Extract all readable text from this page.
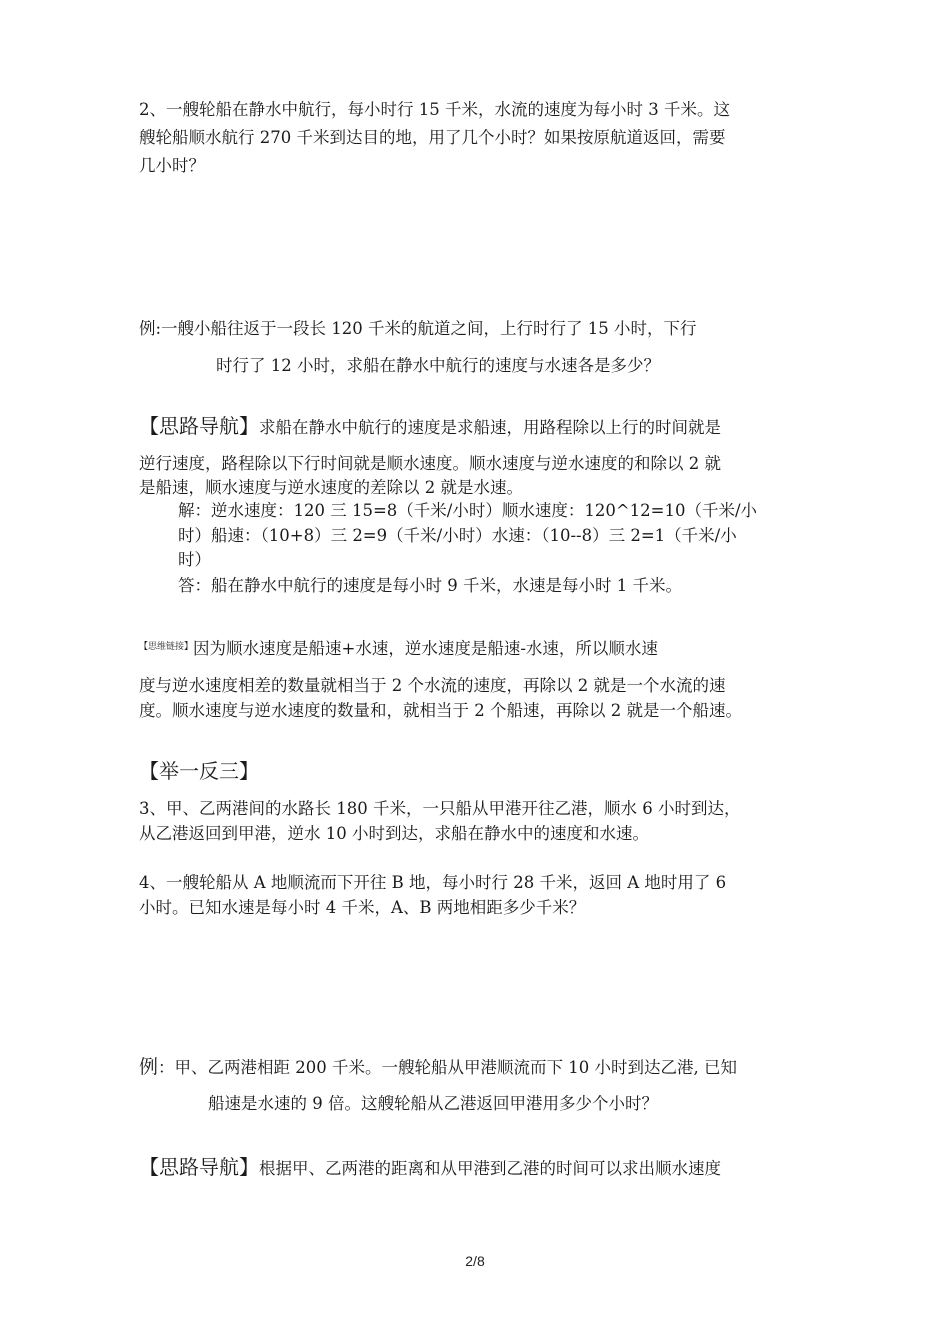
2、一艘轮船在静水中航行，每小时行 15 千米，水流的速度为每小时 3 千米。这
艘轮船顺水航行 270 千米到达目的地，用了几个小时？如果按原航道返回，需要
几小时？
例:一艘小船往返于一段长 120 千米的航道之间，上行时行了 15 小时，下行
时行了 12 小时，求船在静水中航行的速度与水速各是多少？
【思路导航】求船在静水中航行的速度是求船速，用路程除以上行的时间就是
逆行速度，路程除以下行时间就是顺水速度。顺水速度与逆水速度的和除以 2 就
是船速，顺水速度与逆水速度的差除以 2 就是水速。
解：逆水速度：120 三 15=8（千米/小时）顺水速度：120^12=10（千米/小
时）船速：（10+8）三 2=9（千米/小时）水速：（10--8）三 2=1（千米/小
时）
答：船在静水中航行的速度是每小时 9 千米，水速是每小时 1 千米。
$^{【思维链接】}$因为顺水速度是船速+水速，逆水速度是船速-水速，所以顺水速
度与逆水速度相差的数量就相当于 2 个水流的速度，再除以 2 就是一个水流的速
度。顺水速度与逆水速度的数量和，就相当于 2 个船速，再除以 2 就是一个船速。
【举一反三】
3、甲、乙两港间的水路长 180 千米，一只船从甲港开往乙港，顺水 6 小时到达，
从乙港返回到甲港，逆水 10 小时到达，求船在静水中的速度和水速。
4、一艘轮船从 A 地顺流而下开往 B 地，每小时行 28 千米，返回 A 地时用了 6
小时。已知水速是每小时 4 千米，A、B 两地相距多少千米？
例：甲、乙两港相距 200 千米。一艘轮船从甲港顺流而下 10 小时到达乙港, 已知
船速是水速的 9 倍。这艘轮船从乙港返回甲港用多少个小时？
【思路导航】根据甲、乙两港的距离和从甲港到乙港的时间可以求出顺水速度
2/8
